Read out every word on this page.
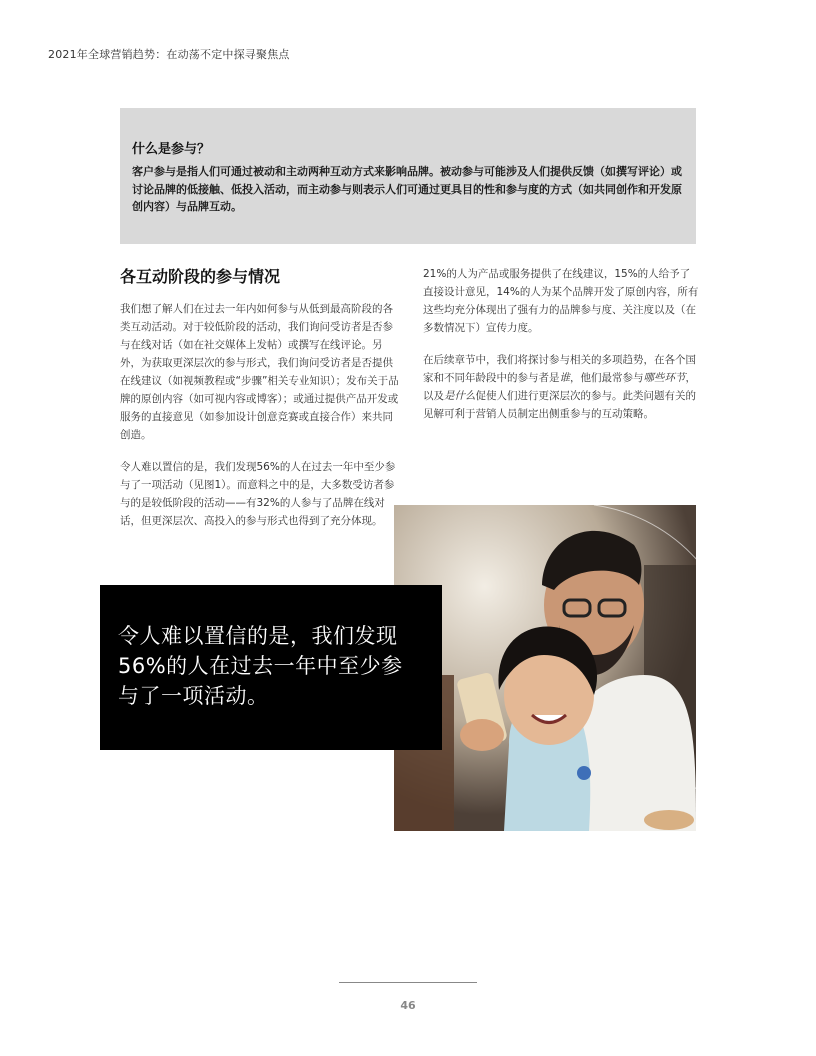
2021年全球营销趋势：在动荡不定中探寻聚焦点
什么是参与？
客户参与是指人们可通过被动和主动两种互动方式来影响品牌。被动参与可能涉及人们提供反馈（如撰写评论）或讨论品牌的低接触、低投入活动，而主动参与则表示人们可通过更具目的性和参与度的方式（如共同创作和开发原创内容）与品牌互动。
各互动阶段的参与情况

我们想了解人们在过去一年内如何参与从低到最高阶段的各类互动活动。对于较低阶段的活动，我们询问受访者是否参与在线对话（如在社交媒体上发帖）或撰写在线评论。另外，为获取更深层次的参与形式，我们询问受访者是否提供在线建议（如视频教程或“步骤”相关专业知识）；发布关于品牌的原创内容（如可视内容或博客）；或通过提供产品开发或服务的直接意见（如参加设计创意竞赛或直接合作）来共同创造。

令人难以置信的是，我们发现56%的人在过去一年中至少参与了一项活动（见图1）。而意料之中的是，大多数受访者参与的是较低阶段的活动——有32%的人参与了品牌在线对话，但更深层次、高投入的参与形式也得到了充分体现。

21%的人为产品或服务提供了在线建议，15%的人给予了直接设计意见，14%的人为某个品牌开发了原创内容，所有这些均充分体现出了强有力的品牌参与度、关注度以及（在多数情况下）宣传力度。

在后续章节中，我们将探讨参与相关的多项趋势，在各个国家和不同年龄段中的参与者是谁，他们最常参与哪些环节，以及是什么促使人们进行更深层次的参与。此类问题有关的见解可利于营销人员制定出侧重参与的互动策略。

令人难以置信的是，我们发现56%的人在过去一年中至少参与了一项活动。
46
